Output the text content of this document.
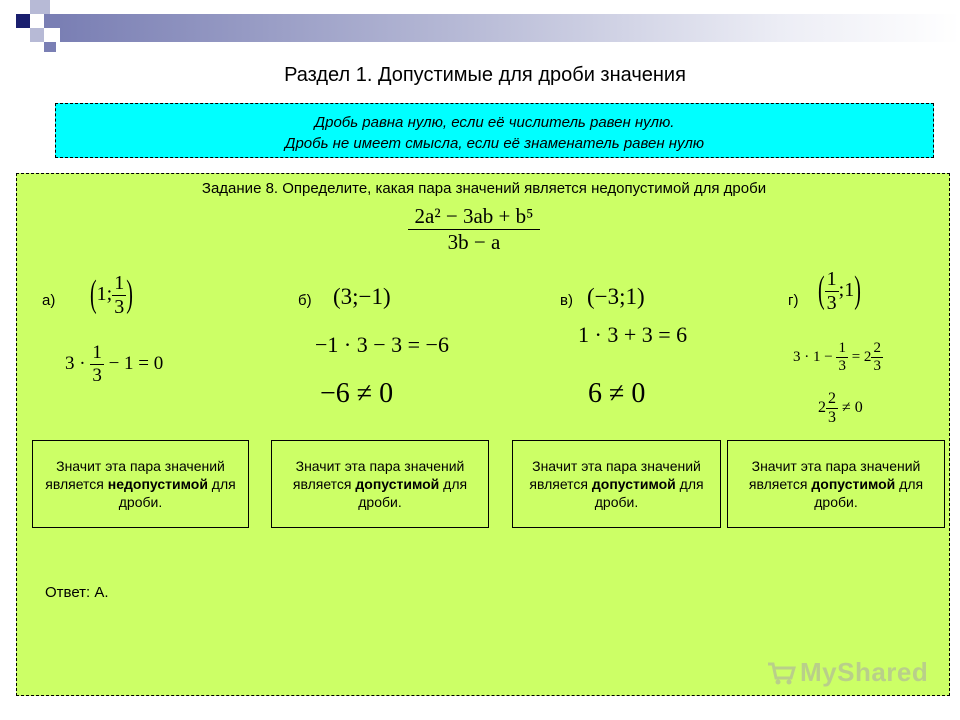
Раздел 1. Допустимые для дроби значения
Дробь равна нулю, если её числитель равен нулю.
Дробь не имеет смысла, если её знаменатель равен нулю
Задание 8. Определите, какая пара значений является недопустимой для дроби
$\frac{\text{2a² − 3ab + b⁵}}{3b - a}$
а) (1; $\frac{1}{3}$ )
$3 \cdot \frac{1}{3} - 1 = 0$
б) (3;−1)
−1 · 3 − 3 = −6
−6 ≠ 0
в) (−3;1)
1 · 3 + 3 = 6
6 ≠ 0
г) ( $\frac{1}{3}$ ;1)
$3 \cdot 1 - \frac{1}{3} = 2 \frac{2}{3}$
$2 \frac{2}{3} \ne 0$
Значит эта пара значений является недопустимой для дроби.
Значит эта пара значений является допустимой для дроби.
Значит эта пара значений является допустимой для дроби.
Значит эта пара значений является допустимой для дроби.
Ответ: А.
MyShared
